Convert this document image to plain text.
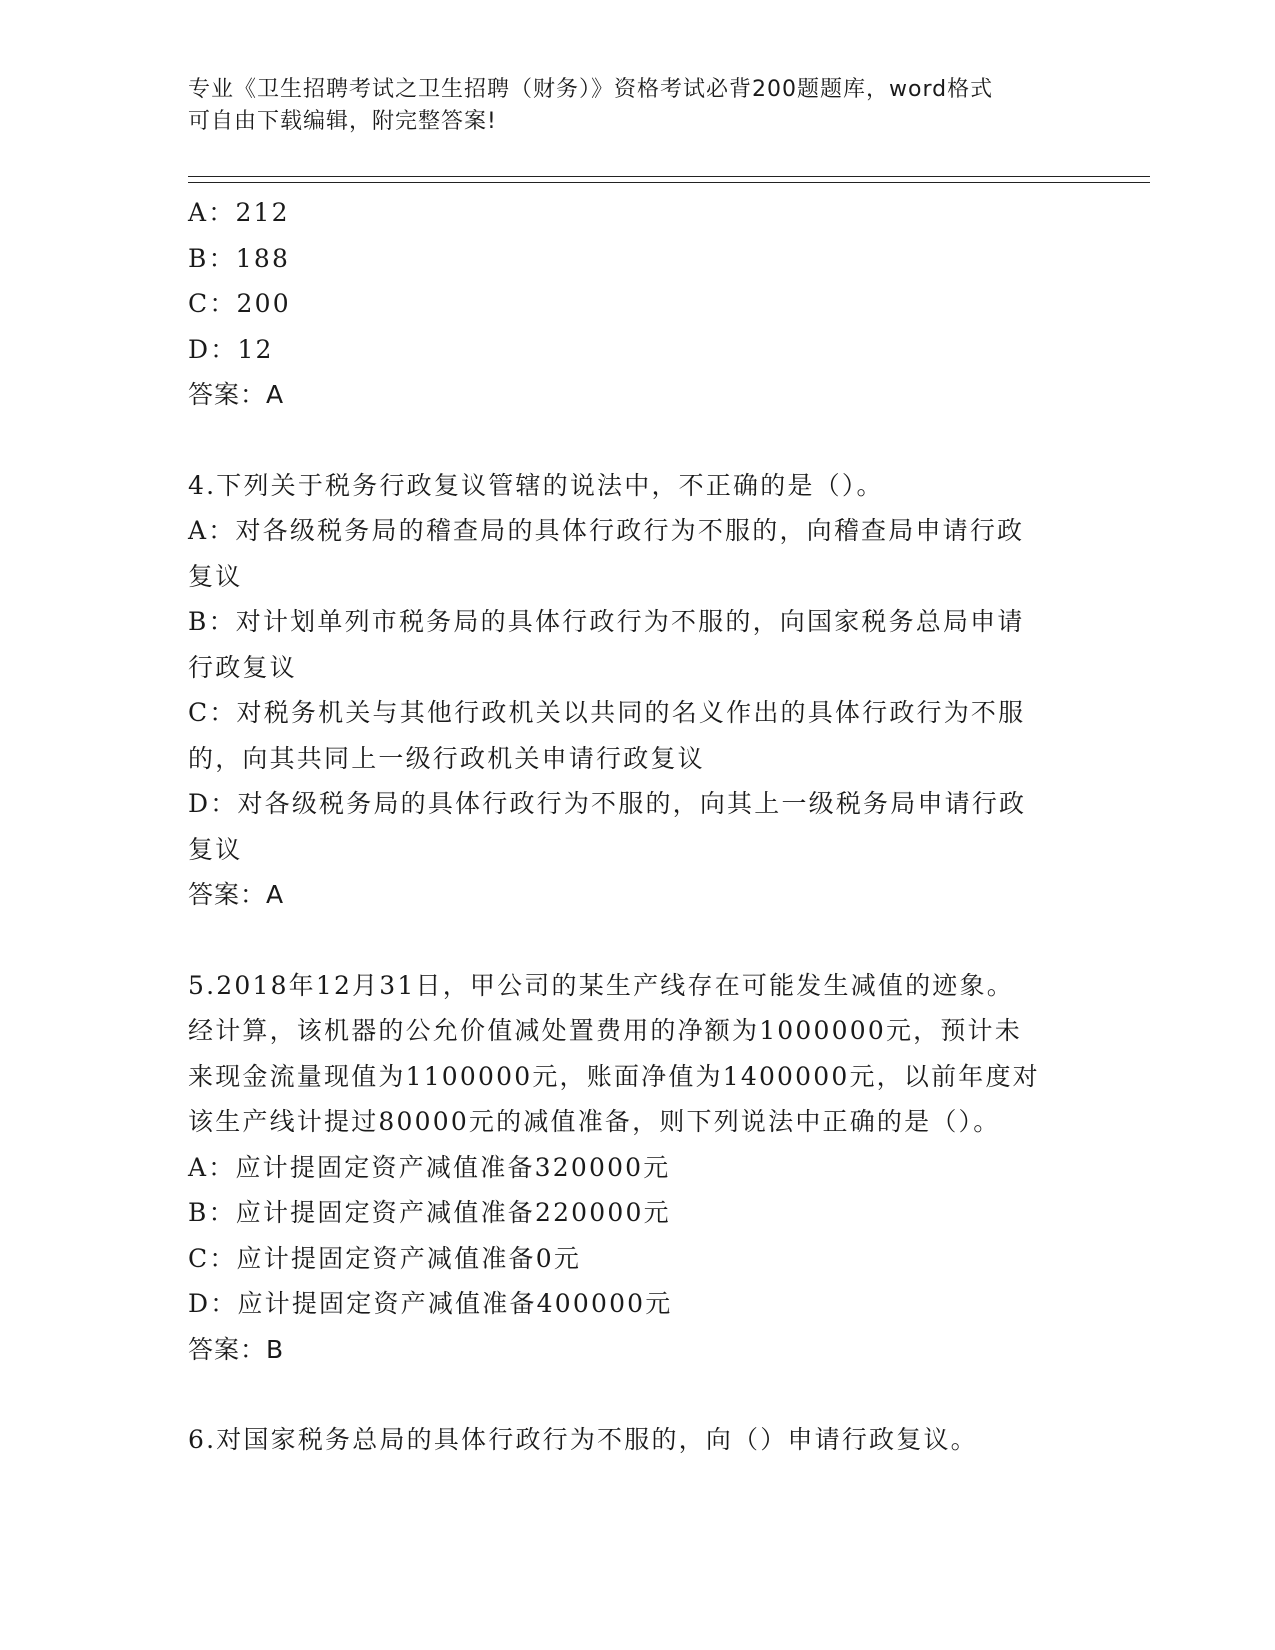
专业《卫生招聘考试之卫生招聘（财务）》资格考试必背200题题库，word格式
可自由下载编辑，附完整答案!
A：212
B：188
C：200
D：12
答案：A
4.下列关于税务行政复议管辖的说法中，不正确的是（）。
A：对各级税务局的稽查局的具体行政行为不服的，向稽查局申请行政
复议
B：对计划单列市税务局的具体行政行为不服的，向国家税务总局申请
行政复议
C：对税务机关与其他行政机关以共同的名义作出的具体行政行为不服
的，向其共同上一级行政机关申请行政复议
D：对各级税务局的具体行政行为不服的，向其上一级税务局申请行政
复议
答案：A
5.2018年12月31日，甲公司的某生产线存在可能发生减值的迹象。
经计算，该机器的公允价值减处置费用的净额为1000000元，预计未
来现金流量现值为1100000元，账面净值为1400000元，以前年度对
该生产线计提过80000元的减值准备，则下列说法中正确的是（）。
A：应计提固定资产减值准备320000元
B：应计提固定资产减值准备220000元
C：应计提固定资产减值准备0元
D：应计提固定资产减值准备400000元
答案：B
6.对国家税务总局的具体行政行为不服的，向（）申请行政复议。
